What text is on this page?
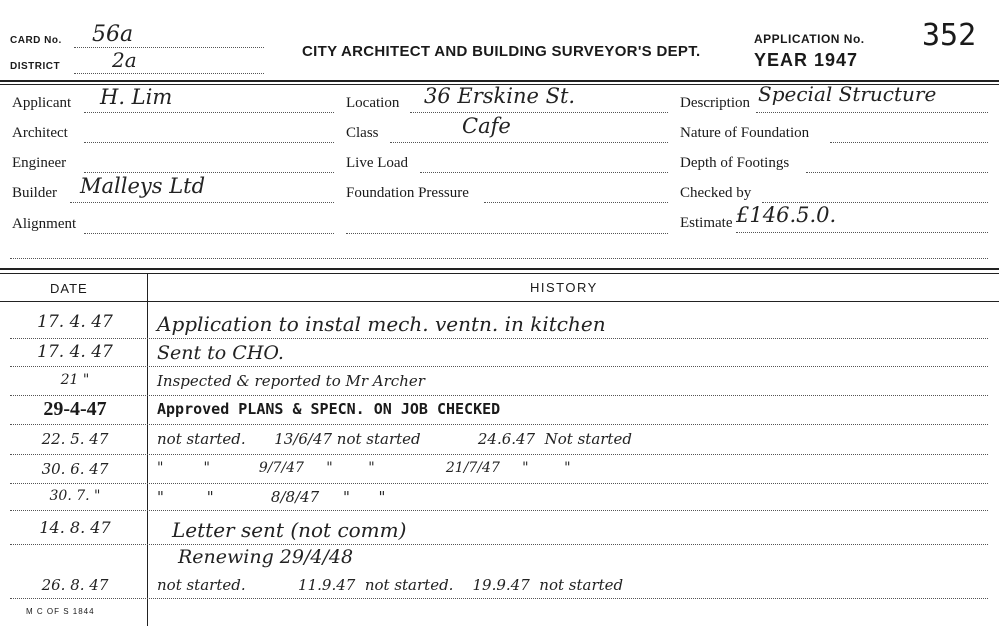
CARD No. 56a
DISTRICT	2a	CITY ARCHITECT AND BUILDING SURVEYOR'S DEPT.
APPLICATION No. 352
YEAR 1947
Applicant H. Lim
Architect
Engineer
Builder Malleys Ltd
Alignment
Location 36 Erskine St.
Class	Cafe
Live Load
Foundation Pressure
Description Special Structure
Nature of Foundation
Depth of Footings
Checked by
Estimate £146.5.0.
DATE	HISTORY
17. 4. 47	Application to instal mech. ventn. in kitchen
17. 4. 47	Sent to CHO.
21 "	Inspected & reported to Mr Archer
29-4-47	Approved PLANS & SPECN. ON JOB CHECKED
22. 5. 47	not started.      13/6/47 not started            24.6.47  Not started
30. 6. 47	"         "           9/7/47     "        "                21/7/47     "        "
30. 7. "	"         "            8/8/47     "      "
14. 8. 47	Letter sent (not comm)
Renewing 29/4/48
26. 8. 47	not started.           11.9.47  not started.    19.9.47  not started
M C OF S 1844
